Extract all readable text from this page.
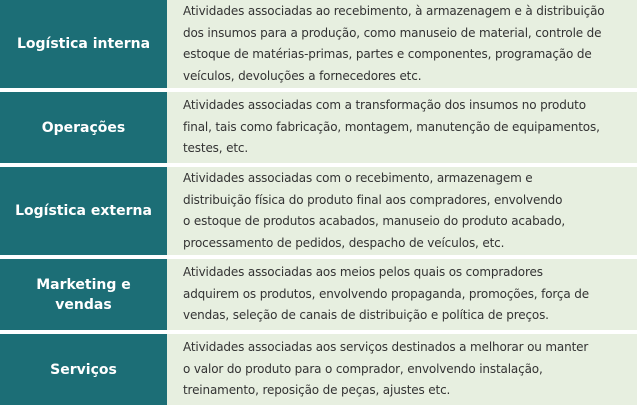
Logística interna
Atividades associadas ao recebimento, à armazenagem e à distribuição
dos insumos para a produção, como manuseio de material, controle de
estoque de matérias-primas, partes e componentes, programação de
veículos, devoluções a fornecedores etc.
Operações
Atividades associadas com a transformação dos insumos no produto
final, tais como fabricação, montagem, manutenção de equipamentos,
testes, etc.
Logística externa
Atividades associadas com o recebimento, armazenagem e
distribuição física do produto final aos compradores, envolvendo
o estoque de produtos acabados, manuseio do produto acabado,
processamento de pedidos, despacho de veículos, etc.
Marketing e
vendas
Atividades associadas aos meios pelos quais os compradores
adquirem os produtos, envolvendo propaganda, promoções, força de
vendas, seleção de canais de distribuição e política de preços.
Serviços
Atividades associadas aos serviços destinados a melhorar ou manter
o valor do produto para o comprador, envolvendo instalação,
treinamento, reposição de peças, ajustes etc.
